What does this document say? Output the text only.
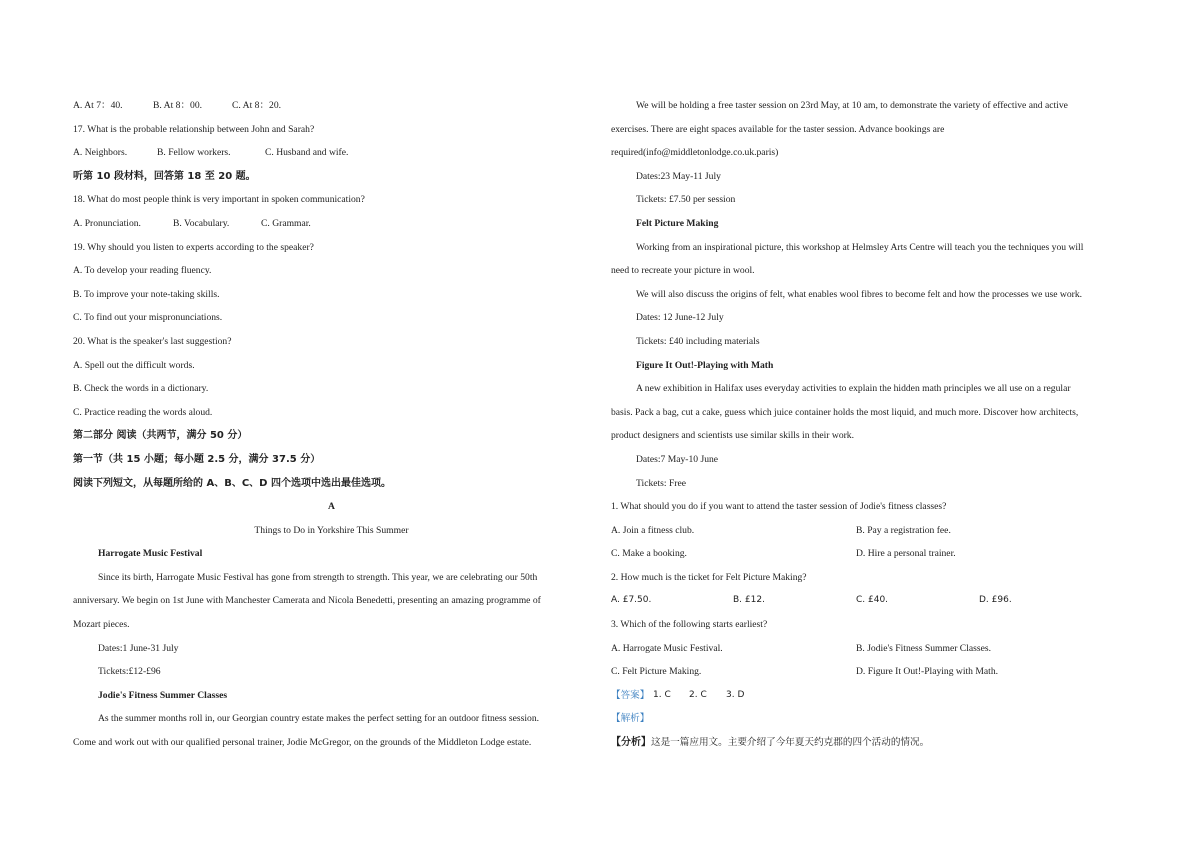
A. At 7：40.	B. At 8：00.	C. At 8：20.
17. What is the probable relationship between John and Sarah?
A. Neighbors.	B. Fellow workers.	C. Husband and wife.
听第 10 段材料，回答第 18 至 20 题。
18. What do most people think is very important in spoken communication?
A. Pronunciation.	B. Vocabulary.	C. Grammar.
19. Why should you listen to experts according to the speaker?
A. To develop your reading fluency.
B. To improve your note-taking skills.
C. To find out your mispronunciations.
20. What is the speaker's last suggestion?
A. Spell out the difficult words.
B. Check the words in a dictionary.
C. Practice reading the words aloud.
第二部分 阅读（共两节，满分 50 分）
第一节（共 15 小题；每小题 2.5 分，满分 37.5 分）
阅读下列短文，从每题所给的 A、B、C、D 四个选项中选出最佳选项。
A
Things to Do in Yorkshire This Summer
Harrogate Music Festival
Since its birth, Harrogate Music Festival has gone from strength to strength. This year, we are celebrating our 50th
anniversary. We begin on 1st June with Manchester Camerata and Nicola Benedetti, presenting an amazing programme of
Mozart pieces.
Dates:1 June-31 July
Tickets:£12-£96
Jodie's Fitness Summer Classes
As the summer months roll in, our Georgian country estate makes the perfect setting for an outdoor fitness session.
Come and work out with our qualified personal trainer, Jodie McGregor, on the grounds of the Middleton Lodge estate.
We will be holding a free taster session on 23rd May, at 10 am, to demonstrate the variety of effective and active
exercises. There are eight spaces available for the taster session. Advance bookings are
required(info@middletonlodge.co.uk.paris)
Dates:23 May-11 July
Tickets: £7.50 per session
Felt Picture Making
Working from an inspirational picture, this workshop at Helmsley Arts Centre will teach you the techniques you will
need to recreate your picture in wool.
We will also discuss the origins of felt, what enables wool fibres to become felt and how the processes we use work.
Dates: 12 June-12 July
Tickets: £40 including materials
Figure It Out!-Playing with Math
A new exhibition in Halifax uses everyday activities to explain the hidden math principles we all use on a regular
basis. Pack a bag, cut a cake, guess which juice container holds the most liquid, and much more. Discover how architects,
product designers and scientists use similar skills in their work.
Dates:7 May-10 June
Tickets: Free
1. What should you do if you want to attend the taster session of Jodie's fitness classes?
A. Join a fitness club.	B. Pay a registration fee.
C. Make a booking.	D. Hire a personal trainer.
2. How much is the ticket for Felt Picture Making?
A. £7.50.	B. £12.	C. £40.	D. £96.
3. Which of the following starts earliest?
A. Harrogate Music Festival.	B. Jodie's Fitness Summer Classes.
C. Felt Picture Making.	D. Figure It Out!-Playing with Math.
【答案】 1. C 2. C 3. D
【解析】
【分析】 这是一篇应用文。主要介绍了今年夏天约克郡的四个活动的情况。
